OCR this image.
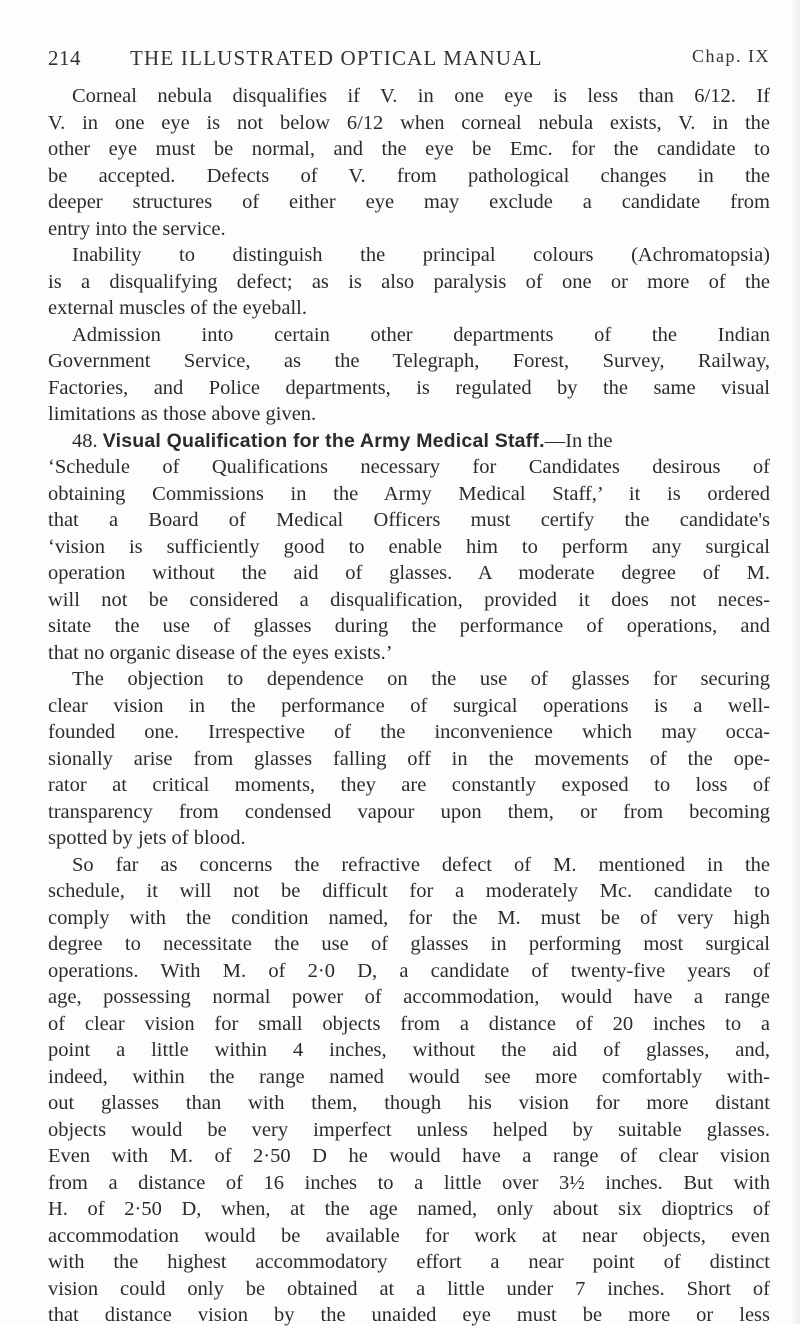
214 THE ILLUSTRATED OPTICAL MANUAL	Chap. IX
Corneal nebula disqualifies if V. in one eye is less than 6/12. If
V. in one eye is not below 6/12 when corneal nebula exists, V. in the
other eye must be normal, and the eye be Emc. for the candidate to
be accepted. Defects of V. from pathological changes in the
deeper structures of either eye may exclude a candidate from
entry into the service.
Inability to distinguish the principal colours (Achromatopsia)
is a disqualifying defect; as is also paralysis of one or more of the
external muscles of the eyeball.
Admission into certain other departments of the Indian
Government Service, as the Telegraph, Forest, Survey, Railway,
Factories, and Police departments, is regulated by the same visual
limitations as those above given.
48. Visual Qualification for the Army Medical Staff.—In the
‘Schedule of Qualifications necessary for Candidates desirous of
obtaining Commissions in the Army Medical Staff,’ it is ordered
that a Board of Medical Officers must certify the candidate's
‘vision is sufficiently good to enable him to perform any surgical
operation without the aid of glasses. A moderate degree of M.
will not be considered a disqualification, provided it does not neces-
sitate the use of glasses during the performance of operations, and
that no organic disease of the eyes exists.’
The objection to dependence on the use of glasses for securing
clear vision in the performance of surgical operations is a well-
founded one. Irrespective of the inconvenience which may occa-
sionally arise from glasses falling off in the movements of the ope-
rator at critical moments, they are constantly exposed to loss of
transparency from condensed vapour upon them, or from becoming
spotted by jets of blood.
So far as concerns the refractive defect of M. mentioned in the
schedule, it will not be difficult for a moderately Mc. candidate to
comply with the condition named, for the M. must be of very high
degree to necessitate the use of glasses in performing most surgical
operations. With M. of 2·0 D, a candidate of twenty-five years of
age, possessing normal power of accommodation, would have a range
of clear vision for small objects from a distance of 20 inches to a
point a little within 4 inches, without the aid of glasses, and,
indeed, within the range named would see more comfortably with-
out glasses than with them, though his vision for more distant
objects would be very imperfect unless helped by suitable glasses.
Even with M. of 2·50 D he would have a range of clear vision
from a distance of 16 inches to a little over 3½ inches. But with
H. of 2·50 D, when, at the age named, only about six dioptrics of
accommodation would be available for work at near objects, even
with the highest accommodatory effort a near point of distinct
vision could only be obtained at a little under 7 inches. Short of
that distance vision by the unaided eye must be more or less
